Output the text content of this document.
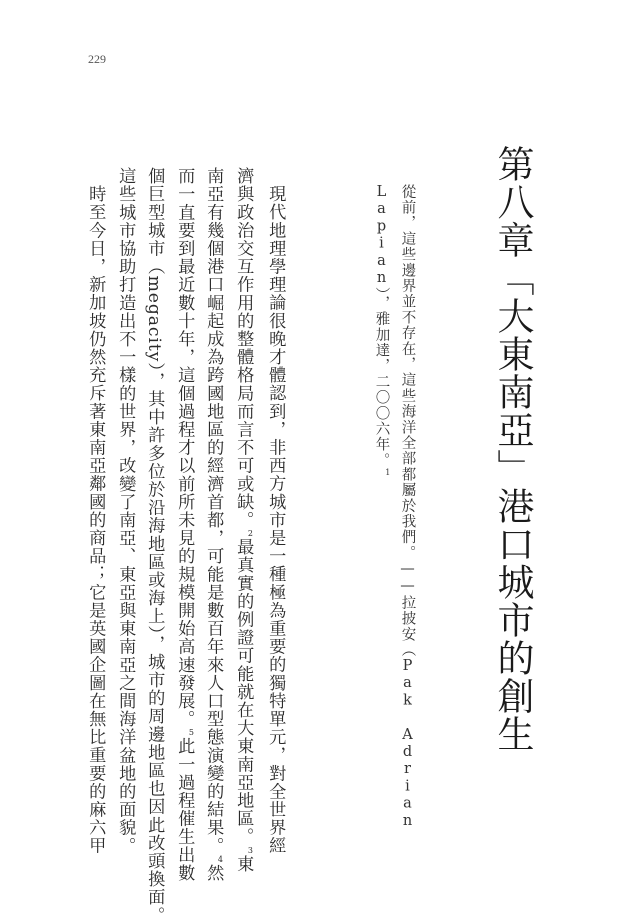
229
第八章「大東南亞」港口城市的創生
從前，這些邊界並不存在，這些海洋全部都屬於我們。——拉披安（Pak Adrian
Lapian），雅加達，二〇〇六年。$^1$
現代地理學理論很晚才體認到，非西方城市是一種極為重要的獨特單元，對全世界經
濟與政治交互作用的整體格局而言不可或缺。$^2$最真實的例證可能就在大東南亞地區。$^3$東
南亞有幾個港口崛起成為跨國地區的經濟首都，可能是數百年來人口型態演變的結果。$^4$然
而一直要到最近數十年，這個過程才以前所未見的規模開始高速發展。$^5$此一過程催生出數
個巨型城市（megacity），其中許多位於沿海地區或海上），城市的周邊地區也因此改頭換面。
這些城市協助打造出不一樣的世界，改變了南亞、東亞與東南亞之間海洋盆地的面貌。
時至今日，新加坡仍然充斥著東南亞鄰國的商品；它是英國企圖在無比重要的麻六甲
